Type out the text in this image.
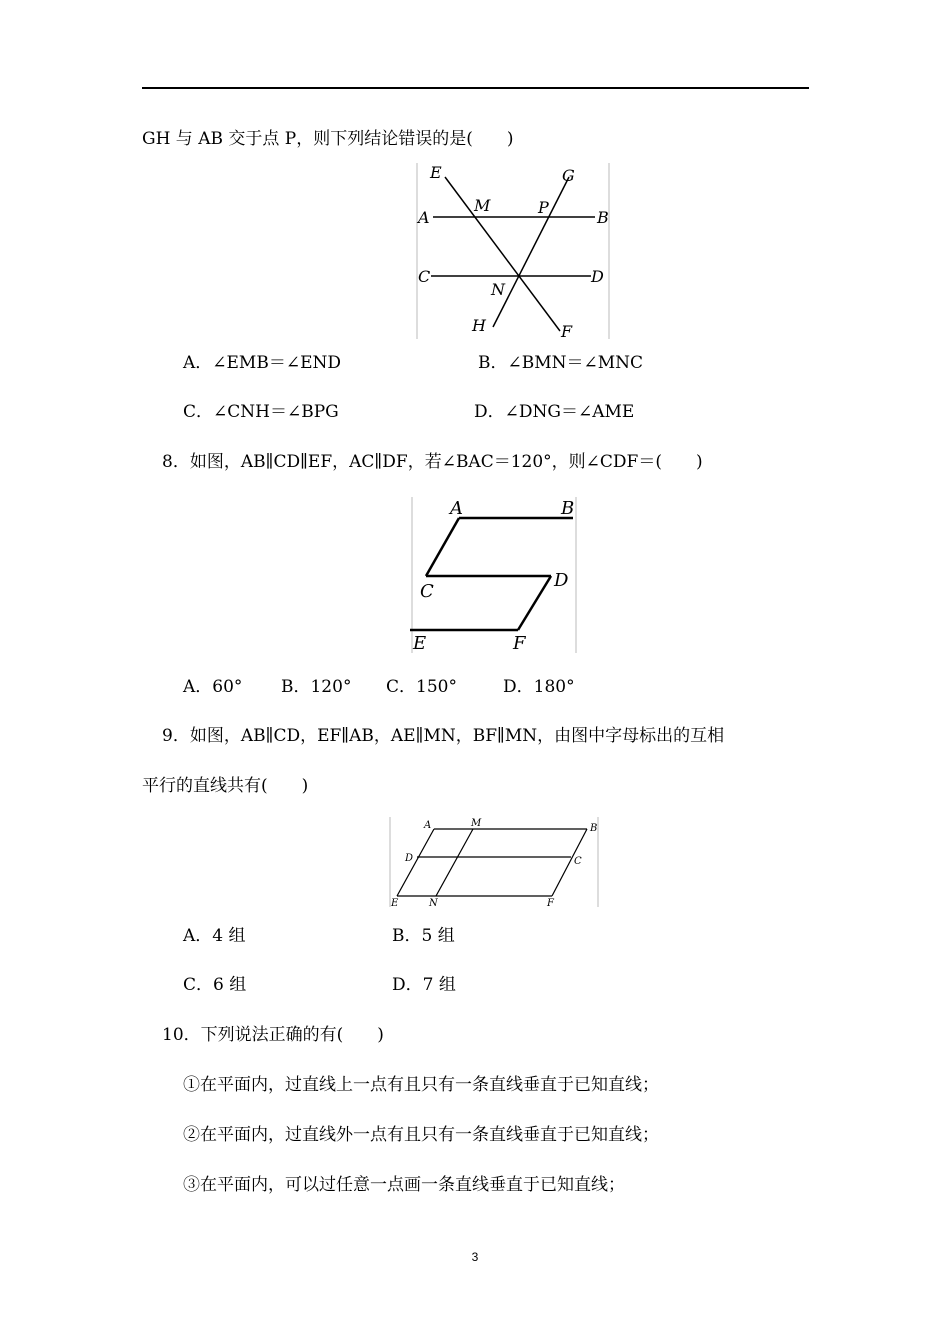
GH 与 AB 交于点 P，则下列结论错误的是(　　)
E
M	P
G
A	B
C
N
D
H	F
A．∠EMB＝∠END	B．∠BMN＝∠MNC
C．∠CNH＝∠BPG	D．∠DNG＝∠AME
8．如图，AB∥CD∥EF，AC∥DF，若∠BAC＝120°，则∠CDF＝(　　)
A	B
C
D
E	F
A．60° B．120° C．150°	D．180°
9．如图，AB∥CD，EF∥AB，AE∥MN，BF∥MN，由图中字母标出的互相
平行的直线共有(　　)
A	M	B
D	C
E	N	F
A．4 组	B．5 组
C．6 组	D．7 组
10．下列说法正确的有(　　)
①在平面内，过直线上一点有且只有一条直线垂直于已知直线；
②在平面内，过直线外一点有且只有一条直线垂直于已知直线；
③在平面内，可以过任意一点画一条直线垂直于已知直线；
3
